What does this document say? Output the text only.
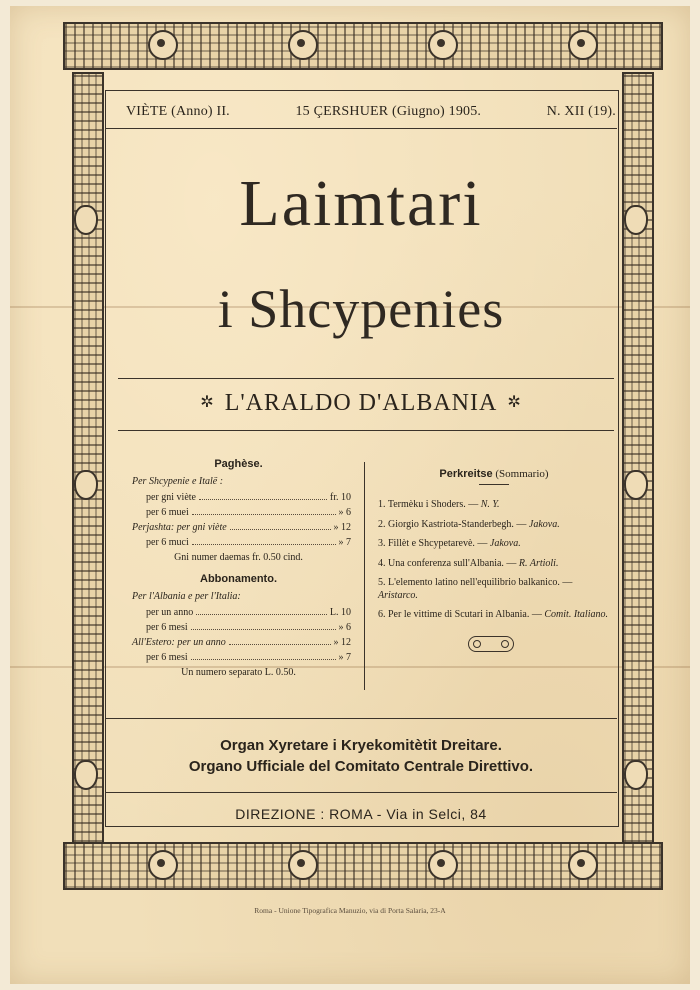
VIÈTE (Anno) II.	15 ÇERSHUER (Giugno) 1905.	N. XII (19).
Laimtari
i Shcypenies
✲ L'ARALDO D'ALBANIA ✲
Paghèse.
Per Shcypenie e Italë :
per gni viète	fr. 10
per 6 muei	» 6
Perjashta: per gni viète	» 12
per 6 muci	» 7
Gni numer daemas fr. 0.50 cind.
Abbonamento.
Per l'Albania e per l'Italia:
per un anno	L. 10
per 6 mesi	» 6
All'Estero: per un anno	» 12
per 6 mesi	» 7
Un numero separato L. 0.50.
Perkreitse (Sommario)
1. Termèku i Shoders. — N. Y.
2. Giorgio Kastriota-Standerbegh. — Jakova.
3. Fillèt e Shcypetarevè. — Jakova.
4. Una conferenza sull'Albania. — R. Artioli.
5. L'elemento latino nell'equilibrio balkanico. — Aristarco.
6. Per le vittime di Scutari in Albania. — Comit. Italiano.
Organ Xyretare i Kryekomitètit Dreitare.
Organo Ufficiale del Comitato Centrale Direttivo.
DIREZIONE : ROMA - Via in Selci, 84
Roma - Unione Tipografica Manuzio, via di Porta Salaria, 23-A
